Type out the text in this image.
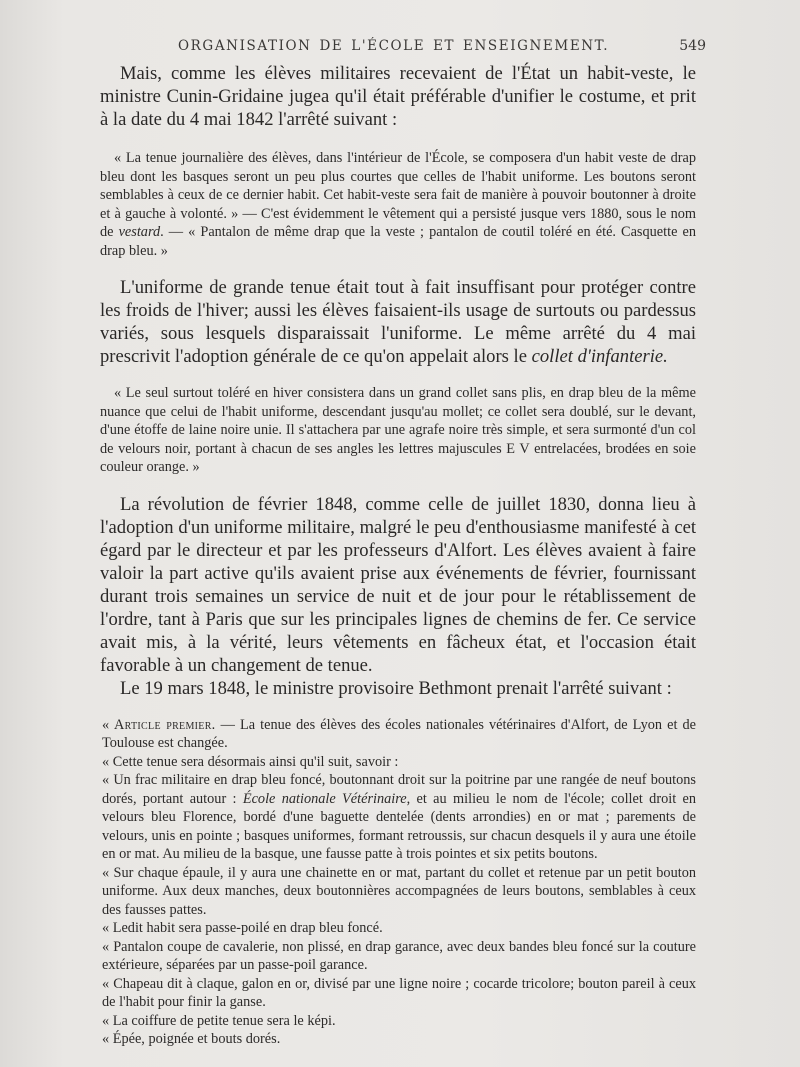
ORGANISATION DE L'ÉCOLE ET ENSEIGNEMENT.	549

Mais, comme les élèves militaires recevaient de l'État un habit-veste, le ministre Cunin-Gridaine jugea qu'il était préférable d'unifier le costume, et prit à la date du 4 mai 1842 l'arrêté suivant :

« La tenue journalière des élèves, dans l'intérieur de l'École, se composera d'un habit veste de drap bleu dont les basques seront un peu plus courtes que celles de l'habit uniforme. Les boutons seront semblables à ceux de ce dernier habit. Cet habit-veste sera fait de manière à pouvoir boutonner à droite et à gauche à volonté. » — C'est évidemment le vêtement qui a persisté jusque vers 1880, sous le nom de vestard. — « Pantalon de même drap que la veste ; pantalon de coutil toléré en été. Casquette en drap bleu. »

L'uniforme de grande tenue était tout à fait insuffisant pour protéger contre les froids de l'hiver; aussi les élèves faisaient-ils usage de surtouts ou pardessus variés, sous lesquels disparaissait l'uniforme. Le même arrêté du 4 mai prescrivit l'adoption générale de ce qu'on appelait alors le collet d'infanterie.

« Le seul surtout toléré en hiver consistera dans un grand collet sans plis, en drap bleu de la même nuance que celui de l'habit uniforme, descendant jusqu'au mollet; ce collet sera doublé, sur le devant, d'une étoffe de laine noire unie. Il s'attachera par une agrafe noire très simple, et sera surmonté d'un col de velours noir, portant à chacun de ses angles les lettres majuscules E V entrelacées, brodées en soie couleur orange. »

La révolution de février 1848, comme celle de juillet 1830, donna lieu à l'adoption d'un uniforme militaire, malgré le peu d'enthousiasme manifesté à cet égard par le directeur et par les professeurs d'Alfort. Les élèves avaient à faire valoir la part active qu'ils avaient prise aux événements de février, fournissant durant trois semaines un service de nuit et de jour pour le rétablissement de l'ordre, tant à Paris que sur les principales lignes de chemins de fer. Ce service avait mis, à la vérité, leurs vêtements en fâcheux état, et l'occasion était favorable à un changement de tenue.

Le 19 mars 1848, le ministre provisoire Bethmont prenait l'arrêté suivant :

« Article premier. — La tenue des élèves des écoles nationales vétérinaires d'Alfort, de Lyon et de Toulouse est changée.

« Cette tenue sera désormais ainsi qu'il suit, savoir :

« Un frac militaire en drap bleu foncé, boutonnant droit sur la poitrine par une rangée de neuf boutons dorés, portant autour : École nationale Vétérinaire, et au milieu le nom de l'école; collet droit en velours bleu Florence, bordé d'une baguette dentelée (dents arrondies) en or mat ; parements de velours, unis en pointe ; basques uniformes, formant retroussis, sur chacun desquels il y aura une étoile en or mat. Au milieu de la basque, une fausse patte à trois pointes et six petits boutons.

« Sur chaque épaule, il y aura une chainette en or mat, partant du collet et retenue par un petit bouton uniforme. Aux deux manches, deux boutonnières accompagnées de leurs boutons, semblables à ceux des fausses pattes.

« Ledit habit sera passe-poilé en drap bleu foncé.

« Pantalon coupe de cavalerie, non plissé, en drap garance, avec deux bandes bleu foncé sur la couture extérieure, séparées par un passe-poil garance.

« Chapeau dit à claque, galon en or, divisé par une ligne noire ; cocarde tricolore; bouton pareil à ceux de l'habit pour finir la ganse.

« La coiffure de petite tenue sera le képi.

« Épée, poignée et bouts dorés.
